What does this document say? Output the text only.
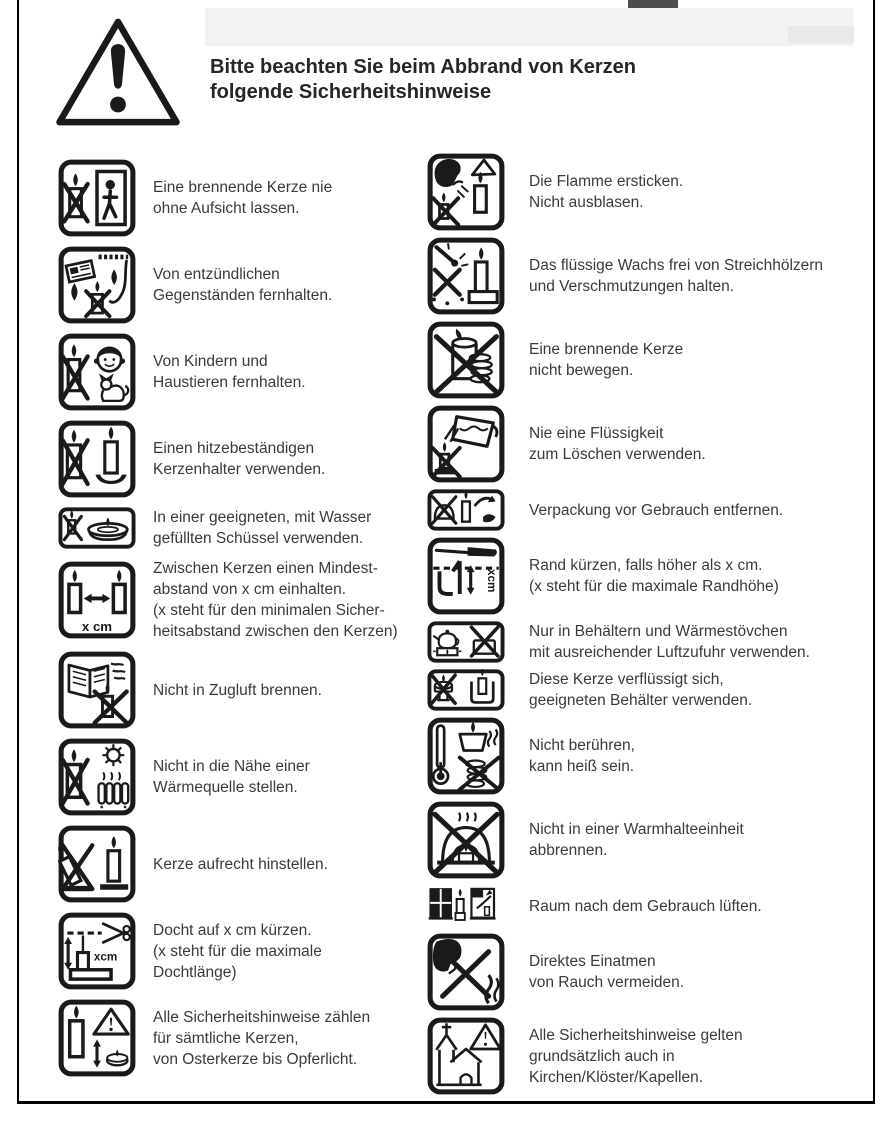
Bitte beachten Sie beim Abbrand von Kerzen
folgende Sicherheitshinweise
Eine brennende Kerze nie
ohne Aufsicht lassen.
Von entzündlichen
Gegenständen fernhalten.
Von Kindern und
Haustieren fernhalten.
Einen hitzebeständigen
Kerzenhalter verwenden.
In einer geeigneten, mit Wasser
gefüllten Schüssel verwenden.
Zwischen Kerzen einen Mindest-
abstand von x cm einhalten.
(x steht für den minimalen Sicher-
heitsabstand zwischen den Kerzen)
Nicht in Zugluft brennen.
Nicht in die Nähe einer
Wärmequelle stellen.
Kerze aufrecht hinstellen.
Docht auf x cm kürzen.
(x steht für die maximale
Dochtlänge)
Alle Sicherheitshinweise zählen
für sämtliche Kerzen,
von Osterkerze bis Opferlicht.
Die Flamme ersticken.
Nicht ausblasen.
Das flüssige Wachs frei von Streichhölzern
und Verschmutzungen halten.
Eine brennende Kerze
nicht bewegen.
Nie eine Flüssigkeit
zum Löschen verwenden.
Verpackung vor Gebrauch entfernen.
Rand kürzen, falls höher als x cm.
(x steht für die maximale Randhöhe)
Nur in Behältern und Wärmestövchen
mit ausreichender Luftzufuhr verwenden.
Diese Kerze verflüssigt sich,
geeigneten Behälter verwenden.
Nicht berühren,
kann heiß sein.
Nicht in einer Warmhalteeinheit
abbrennen.
Raum nach dem Gebrauch lüften.
Direktes Einatmen
von Rauch vermeiden.
Alle Sicherheitshinweise gelten
grundsätzlich auch in
Kirchen/Klöster/Kapellen.
